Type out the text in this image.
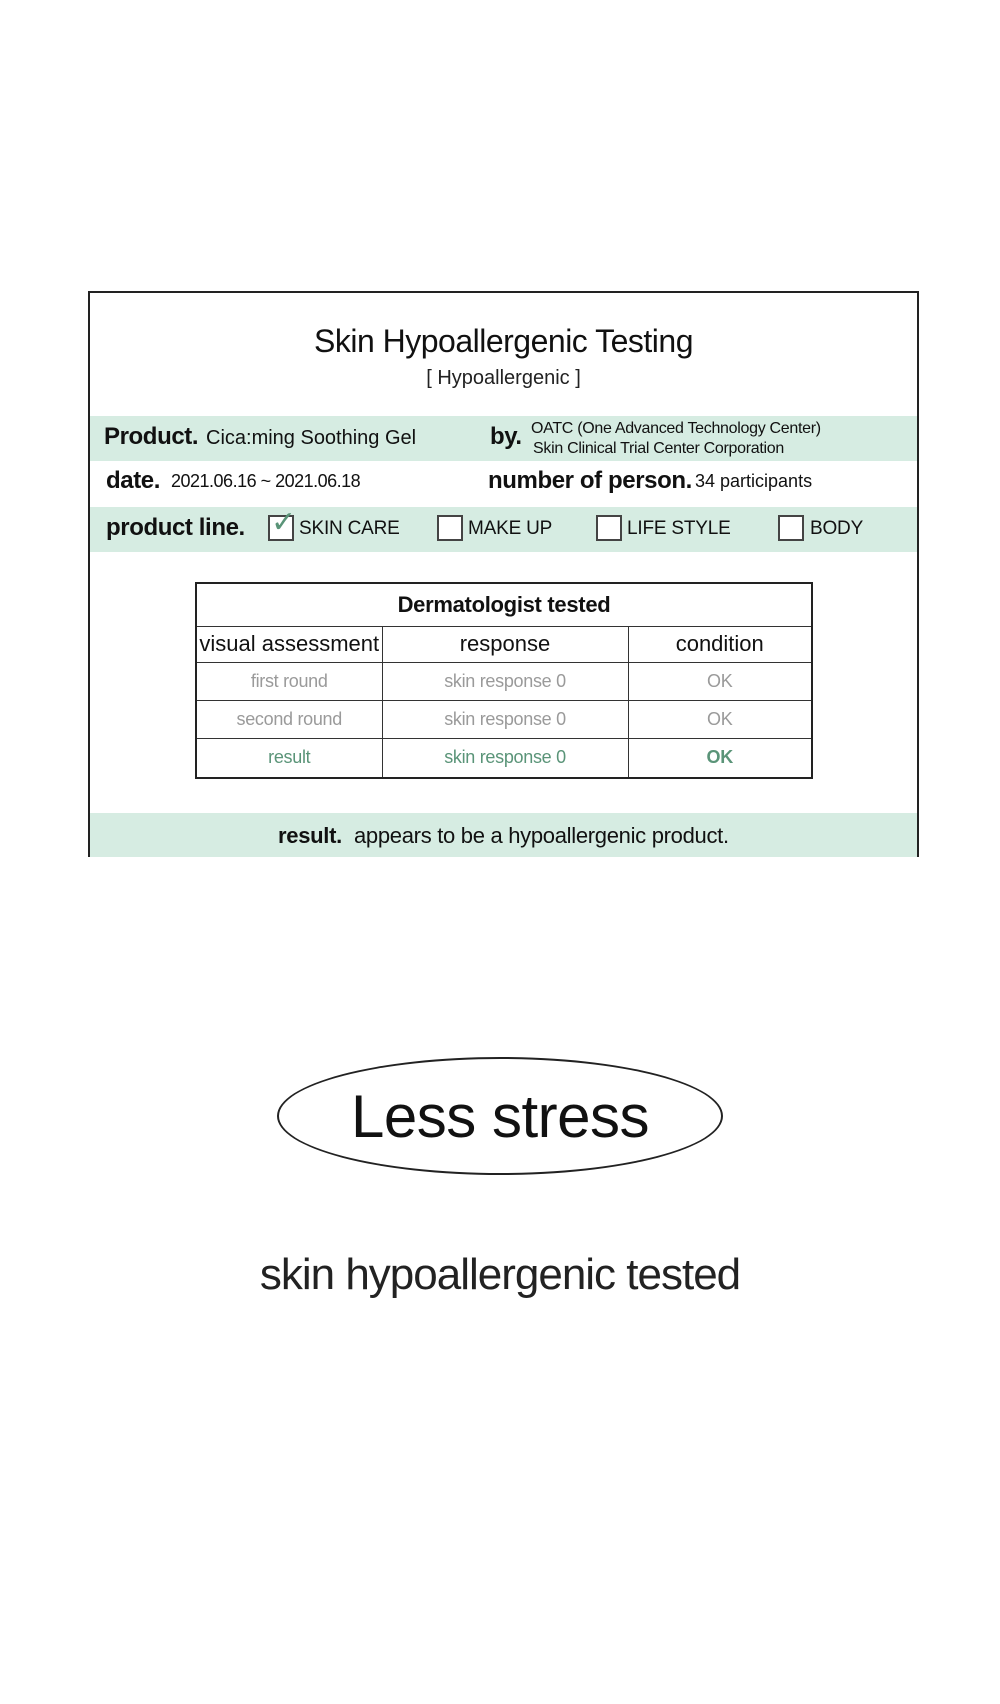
Skin Hypoallergenic Testing
[ Hypoallergenic ]
Product. Cica:ming Soothing Gel	by. OATC (One Advanced Technology Center)
Skin Clinical Trial Center Corporation
date. 2021.06.16 ~ 2021.06.18	number of person. 34 participants
product line. ✓ SKIN CARE	MAKE UP	LIFE STYLE	BODY
Dermatologist tested		
visual assessment	response	condition
first round	skin response 0	OK
second round	skin response 0	OK
result	skin response 0	OK
result. appears to be a hypoallergenic product.
Less stress
skin hypoallergenic tested
